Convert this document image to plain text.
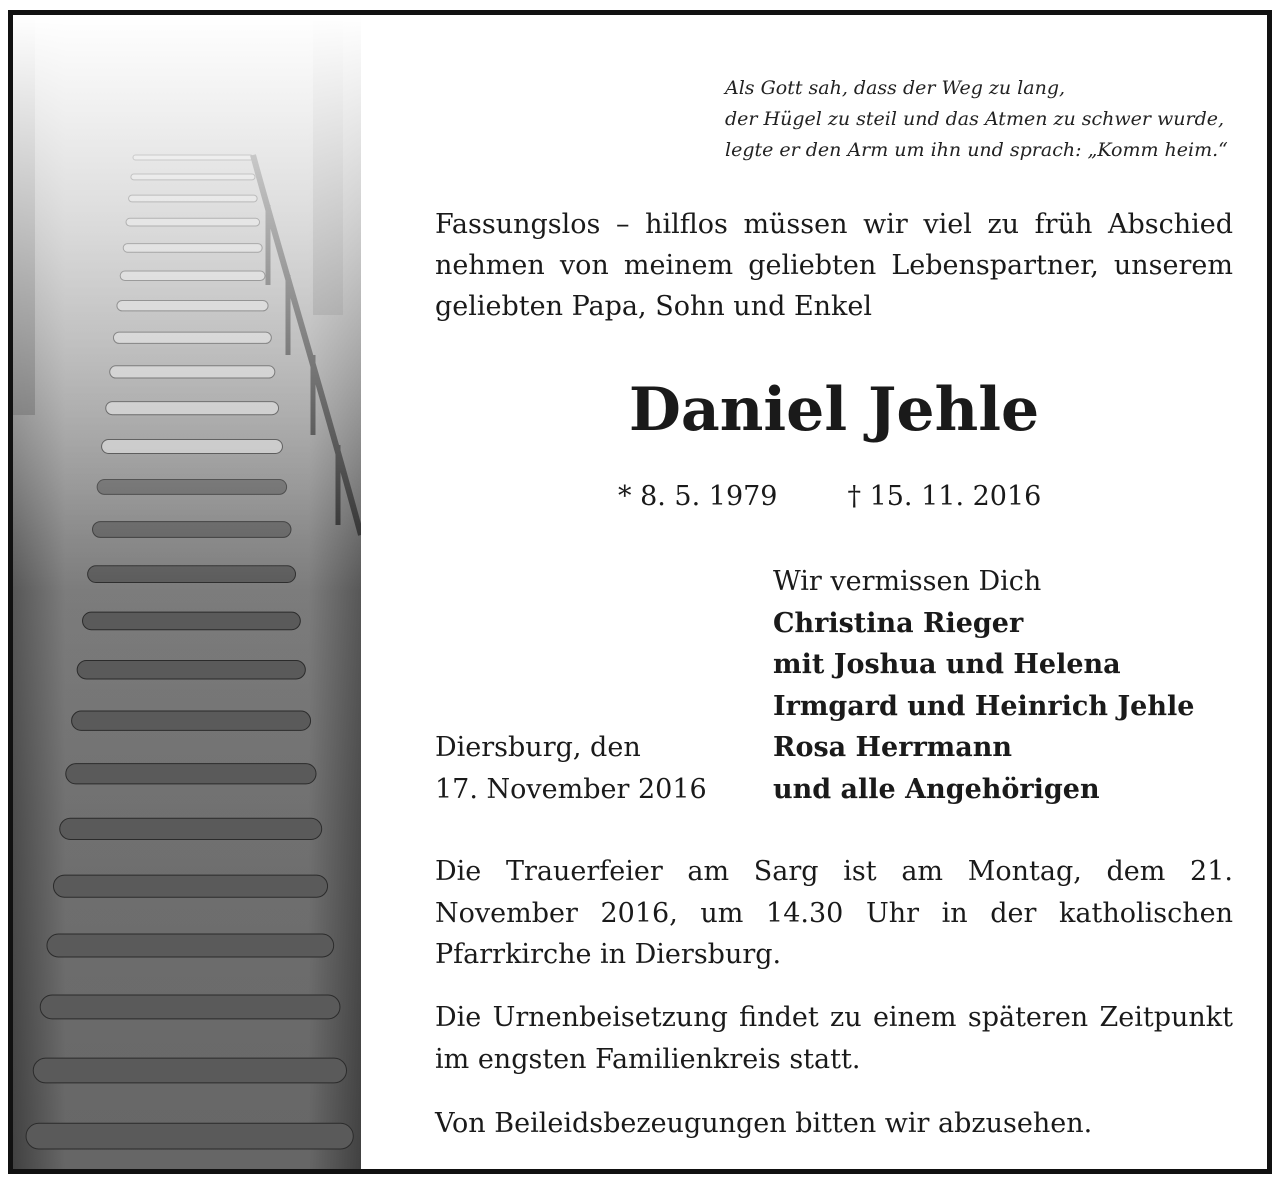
Als Gott sah, dass der Weg zu lang,
der Hügel zu steil und das Atmen zu schwer wurde,
legte er den Arm um ihn und sprach: „Komm heim.“
Fassungslos – hilflos müssen wir viel zu früh Abschied nehmen von meinem geliebten Lebenspartner, unserem geliebten Papa, Sohn und Enkel
Daniel Jehle
* 8. 5. 1979	† 15. 11. 2016
Wir vermissen Dich
Christina Rieger
mit Joshua und Helena
Irmgard und Heinrich Jehle
Rosa Herrmann
und alle Angehörigen
Diersburg, den
17. November 2016
Die Trauerfeier am Sarg ist am Montag, dem 21. November 2016, um 14.30 Uhr in der katholischen Pfarrkirche in Diersburg.
Die Urnenbeisetzung findet zu einem späteren Zeitpunkt im engsten Familienkreis statt.
Von Beileidsbezeugungen bitten wir abzusehen.
